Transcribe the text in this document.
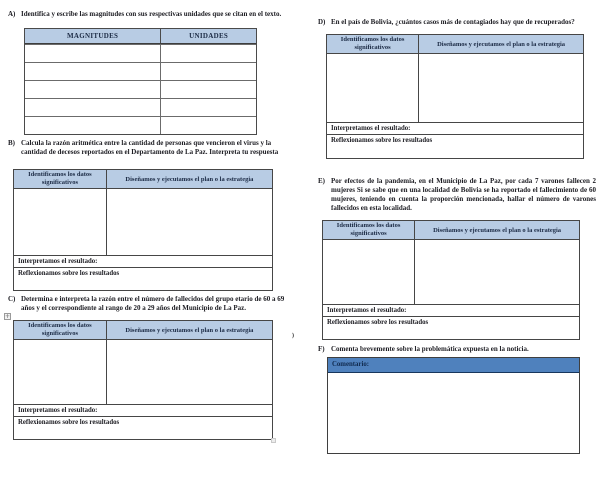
A) Identifica y escribe las magnitudes con sus respectivas unidades que se citan en el texto.
MAGNITUDES	UNIDADES
B) Calcula la razón aritmética entre la cantidad de personas que vencieron el virus y la cantidad de decesos reportados en el Departamento de La Paz. Interpreta tu respuesta
Identificamos los datos significativos	Diseñamos y ejecutamos el plan o la estrategia
Interpretamos el resultado:
Reflexionamos sobre los resultados
C) Determina e interpreta la razón entre el número de fallecidos del grupo etario de 60 a 69 años y el correspondiente al rango de 20 a 29 años del Municipio de La Paz.
+
Identificamos los datos significativos	Diseñamos y ejecutamos el plan o la estrategia
Interpretamos el resultado:
Reflexionamos sobre los resultados
)
D) En el país de Bolivia, ¿cuántos casos más de contagiados hay que de recuperados?
Identificamos los datos significativos	Diseñamos y ejecutamos el plan o la estrategia
Interpretamos el resultado:
Reflexionamos sobre los resultados
E) Por efectos de la pandemia, en el Municipio de La Paz, por cada 7 varones fallecen 2 mujeres Si se sabe que en una localidad de Bolivia se ha reportado el fallecimiento de 60 mujeres, teniendo en cuenta la proporción mencionada, hallar el número de varones fallecidos en esta localidad.
Identificamos los datos significativos	Diseñamos y ejecutamos el plan o la estrategia
Interpretamos el resultado:
Reflexionamos sobre los resultados
F) Comenta brevemente sobre la problemática expuesta en la noticia.
Comentario:
